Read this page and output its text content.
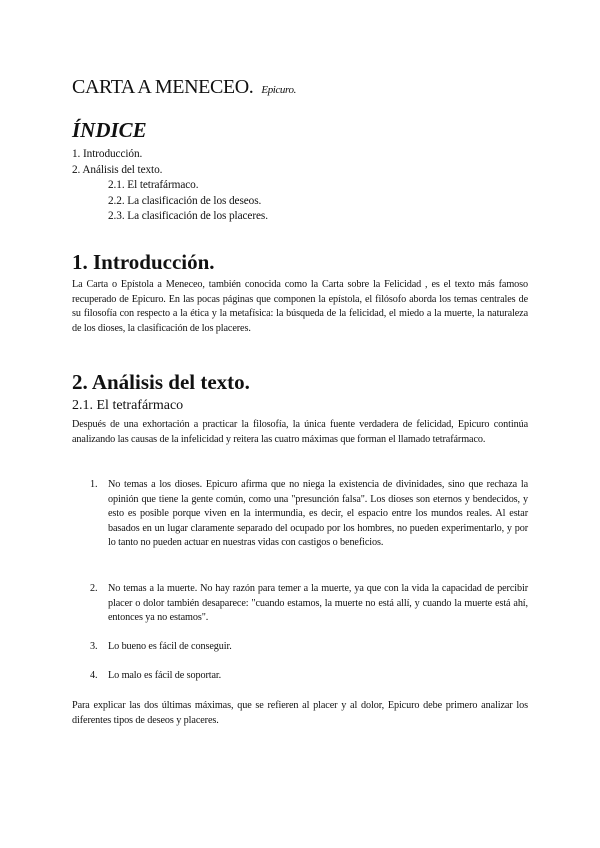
CARTA A MENECEO. Epicuro.
ÍNDICE
1. Introducción.
2. Análisis del texto.
2.1. El tetrafármaco.
2.2. La clasificación de los deseos.
2.3. La clasificación de los placeres.
1. Introducción.
La Carta o Epístola a Meneceo, también conocida como la Carta sobre la Felicidad , es el texto más famoso recuperado de Epicuro. En las pocas páginas que componen la epístola, el filósofo aborda los temas centrales de su filosofía con respecto a la ética y la metafísica: la búsqueda de la felicidad, el miedo a la muerte, la naturaleza de los dioses, la clasificación de los placeres.
2. Análisis del texto.
2.1. El tetrafármaco
Después de una exhortación a practicar la filosofía, la única fuente verdadera de felicidad, Epicuro continúa analizando las causas de la infelicidad y reitera las cuatro máximas que forman el llamado tetrafármaco.
1. No temas a los dioses. Epicuro afirma que no niega la existencia de divinidades, sino que rechaza la opinión que tiene la gente común, como una "presunción falsa". Los dioses son eternos y bendecidos, y esto es posible porque viven en la intermundia, es decir, el espacio entre los mundos reales. Al estar basados en un lugar claramente separado del ocupado por los hombres, no pueden experimentarlo, y por lo tanto no pueden actuar en nuestras vidas con castigos o beneficios.
2. No temas a la muerte. No hay razón para temer a la muerte, ya que con la vida la capacidad de percibir placer o dolor también desaparece: "cuando estamos, la muerte no está allí, y cuando la muerte está ahí, entonces ya no estamos".
3. Lo bueno es fácil de conseguir.
4. Lo malo es fácil de soportar.
Para explicar las dos últimas máximas, que se refieren al placer y al dolor, Epicuro debe primero analizar los diferentes tipos de deseos y placeres.
